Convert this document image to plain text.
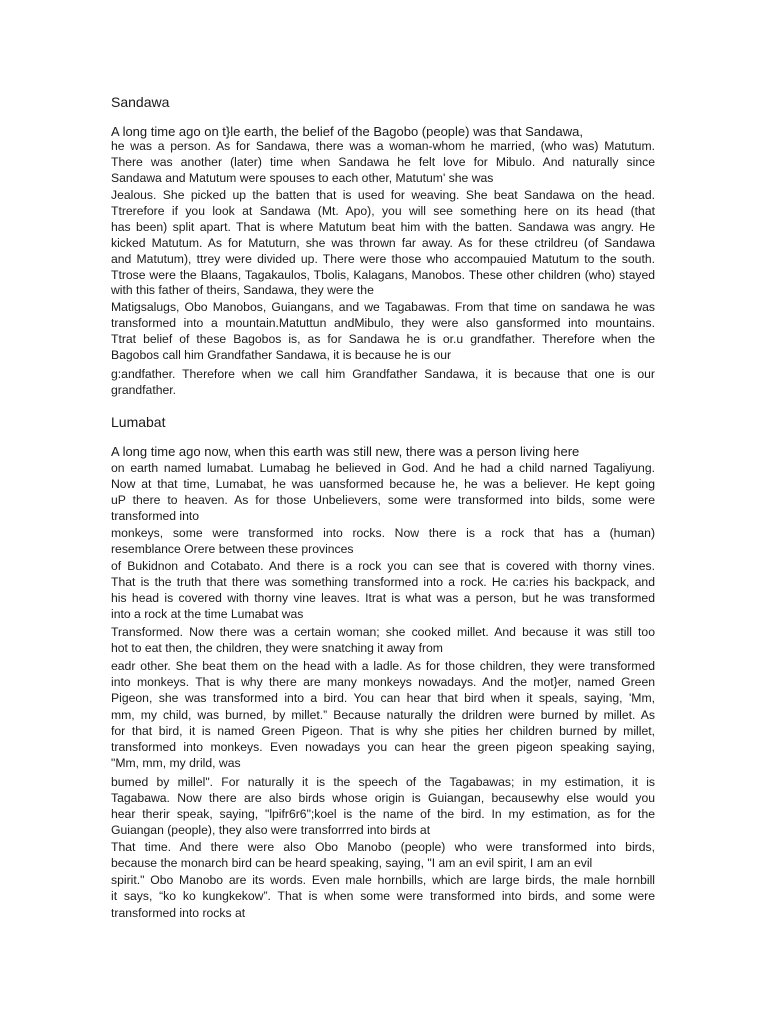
Sandawa

A long time ago on t}le earth, the belief of the Bagobo (people) was that Sandawa,

he was a person. As for Sandawa, there was a woman-whom he married, (who was) Matutum.

There was another (later) time when Sandawa he felt love for Mibulo. And naturally since

Sandawa and Matutum were spouses to each other, Matutum' she was

Jealous. She picked up the batten that is used for weaving. She beat Sandawa on the head.

Ttrerefore if you look at Sandawa (Mt. Apo), you will see something here on its head (that

has been) split apart. That is where Matutum beat him with the batten. Sandawa was angry. He

kicked Matutum. As for Matuturn, she was thrown far away. As for these ctrildreu (of Sandawa

and Matutum), ttrey were divided up. There were those who accompauied Matutum to the south.

Ttrose were the Blaans, Tagakaulos, Tbolis, Kalagans, Manobos. These other children (who) stayed

with this father of theirs, Sandawa, they were the

Matigsalugs, Obo Manobos, Guiangans, and we Tagabawas. From that time on sandawa he was

transformed into a mountain.Matuttun andMibulo, they were also gansformed into mountains.

Ttrat belief of these Bagobos is, as for Sandawa he is or.u grandfather. Therefore when the

Bagobos call him Grandfather Sandawa, it is because he is our

g:andfather. Therefore when we call him Grandfather Sandawa, it is because that one is our

grandfather.

Lumabat

A long time ago now, when this earth was still new, there was a person living here

on earth named lumabat. Lumabag he believed in God. And he had a child narned Tagaliyung.

Now at that time, Lumabat, he was uansformed because he, he was a believer. He kept going

uP there to heaven. As for those Unbelievers, some were transformed into bilds, some were

transformed into

monkeys, some were transformed into rocks. Now there is a rock that has a (human)

resemblance Orere between these provinces

of Bukidnon and Cotabato. And there is a rock you can see that is covered with thorny vines.

That is the truth that there was something transformed into a rock. He ca:ries his backpack, and

his head is covered with thorny vine leaves. Itrat is what was a person, but he was transformed

into a rock at the time Lumabat was

Transformed. Now there was a certain woman; she cooked millet. And because it was still too

hot to eat then, the children, they were snatching it away from

eadr other. She beat them on the head with a ladle. As for those children, they were transformed

into monkeys. That is why there are many monkeys nowadays. And the mot}er, named Green

Pigeon, she was transformed into a bird. You can hear that bird when it speals, saying, 'Mm,

mm, my child, was burned, by millet.” Because naturally the drildren were burned by millet. As

for that bird, it is named Green Pigeon. That is why she pities her children burned by millet,

transformed into monkeys. Even nowadays you can hear the green pigeon speaking saying,

"Mm, mm, my drild, was

bumed by millel". For naturally it is the speech of the Tagabawas; in my estimation, it is

Tagabawa. Now there are also birds whose origin is Guiangan, becausewhy else would you

hear therir speak, saying, "lpifr6r6";koel is the name of the bird. In my estimation, as for the

Guiangan (people), they also were transforrred into birds at

That time. And there were also Obo Manobo (people) who were transformed into birds,

because the monarch bird can be heard speaking, saying, "I am an evil spirit, I am an evil

spirit." Obo Manobo are its words. Even male hornbills, which are large birds, the male hornbill

it says, “ko ko kungkekow”. That is when some were transformed into birds, and some were

transformed into rocks at
